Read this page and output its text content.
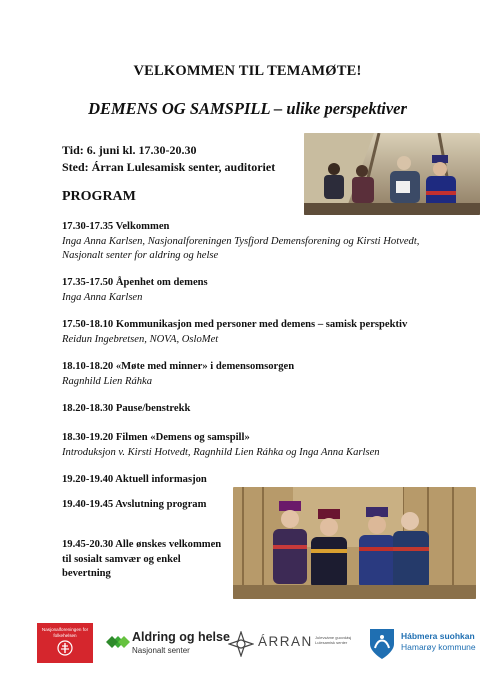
VELKOMMEN TIL TEMAMØTE!
DEMENS OG SAMSPILL – ulike perspektiver
Tid: 6. juni kl. 17.30-20.30
Sted: Árran Lulesamisk senter, auditoriet
PROGRAM
17.30-17.35 Velkommen
Inga Anna Karlsen, Nasjonalforeningen Tysfjord Demensforening og Kirsti Hotvedt, Nasjonalt senter for aldring og helse
17.35-17.50 Åpenhet om demens
Inga Anna Karlsen
17.50-18.10 Kommunikasjon med personer med demens – samisk perspektiv
Reidun Ingebretsen, NOVA, OsloMet
18.10-18.20 «Møte med minner» i demensomsorgen
Ragnhild Lien Ráhka
18.20-18.30 Pause/benstrekk
18.30-19.20 Filmen «Demens og samspill»
Introduksjon v. Kirsti Hotvedt, Ragnhild Lien Ráhka og Inga Anna Karlsen
19.20-19.40 Aktuell informasjon
19.40-19.45 Avslutning program
19.45-20.30 Alle ønskes velkommen til sosialt samvær og enkel bevertning
Nasjonalforeningen for folkehelsen	Aldring og helse
Nasjonalt senter
ÁRRAN Julevsáme guovdásj Lulesamisk senter
Hábmera suohkan
Hamarøy kommune
